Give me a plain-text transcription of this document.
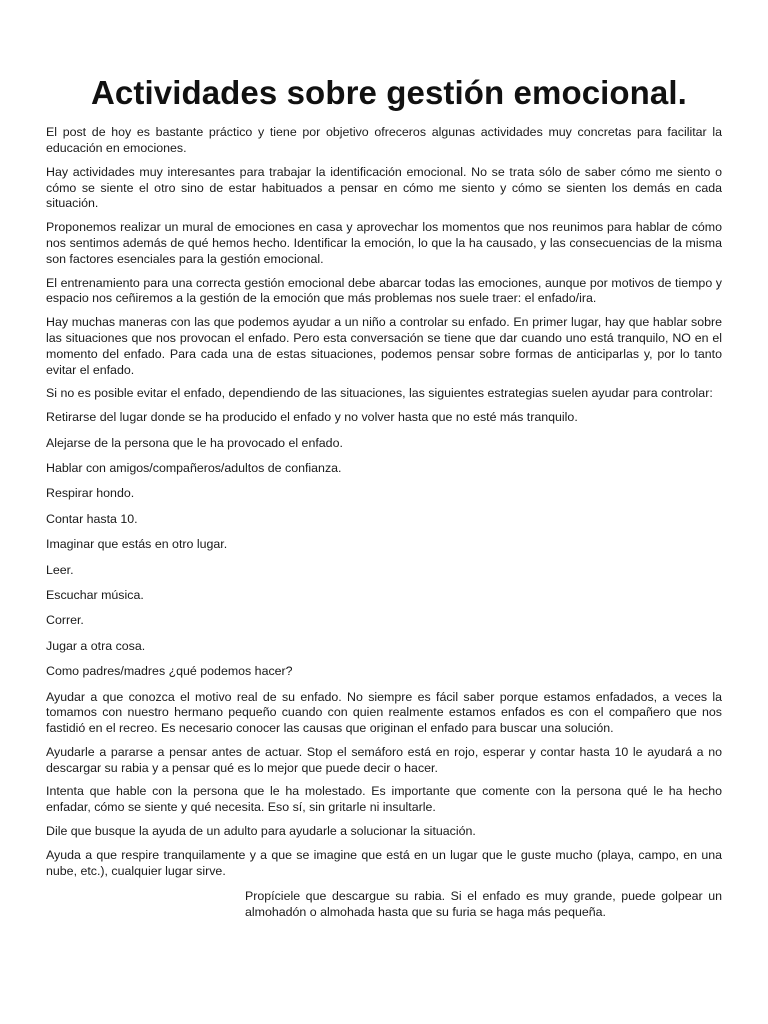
Actividades sobre gestión emocional.

El post de hoy es bastante práctico y tiene por objetivo ofreceros algunas actividades muy concretas para facilitar la educación en emociones.

Hay actividades muy interesantes para trabajar la identificación emocional. No se trata sólo de saber cómo me siento o cómo se siente el otro sino de estar habituados a pensar en cómo me siento y cómo se sienten los demás en cada situación.

Proponemos realizar un mural de emociones en casa y aprovechar los momentos que nos reunimos para hablar de cómo nos sentimos además de qué hemos hecho. Identificar la emoción, lo que la ha causado, y las consecuencias de la misma son factores esenciales para la gestión emocional.

El entrenamiento para una correcta gestión emocional debe abarcar todas las emociones, aunque por motivos de tiempo y espacio nos ceñiremos a la gestión de la emoción que más problemas nos suele traer: el enfado/ira.

Hay muchas maneras con las que podemos ayudar a un niño a controlar su enfado. En primer lugar, hay que hablar sobre las situaciones que nos provocan el enfado. Pero esta conversación se tiene que dar cuando uno está tranquilo, NO en el momento del enfado. Para cada una de estas situaciones, podemos pensar sobre formas de anticiparlas y, por lo tanto evitar el enfado.

Si no es posible evitar el enfado, dependiendo de las situaciones, las siguientes estrategias suelen ayudar para controlar:

Retirarse del lugar donde se ha producido el enfado y no volver hasta que no esté más tranquilo.

Alejarse de la persona que le ha provocado el enfado.

Hablar con amigos/compañeros/adultos de confianza.

Respirar hondo.

Contar hasta 10.

Imaginar que estás en otro lugar.

Leer.

Escuchar música.

Correr.

Jugar a otra cosa.

Como padres/madres ¿qué podemos hacer?

Ayudar a que conozca el motivo real de su enfado. No siempre es fácil saber porque estamos enfadados, a veces la tomamos con nuestro hermano pequeño cuando con quien realmente estamos enfados es con el compañero que nos fastidió en el recreo. Es necesario conocer las causas que originan el enfado para buscar una solución.

Ayudarle a pararse a pensar antes de actuar. Stop el semáforo está en rojo, esperar y contar hasta 10 le ayudará a no descargar su rabia y a pensar qué es lo mejor que puede decir o hacer.

Intenta que hable con la persona que le ha molestado. Es importante que comente con la persona qué le ha hecho enfadar, cómo se siente y qué necesita. Eso sí, sin gritarle ni insultarle.

Dile que busque la ayuda de un adulto para ayudarle a solucionar la situación.

Ayuda a que respire tranquilamente y a que se imagine que está en un lugar que le guste mucho (playa, campo, en una nube, etc.), cualquier lugar sirve.

Propíciele que descargue su rabia. Si el enfado es muy grande, puede golpear un almohadón o almohada hasta que su furia se haga más pequeña.
